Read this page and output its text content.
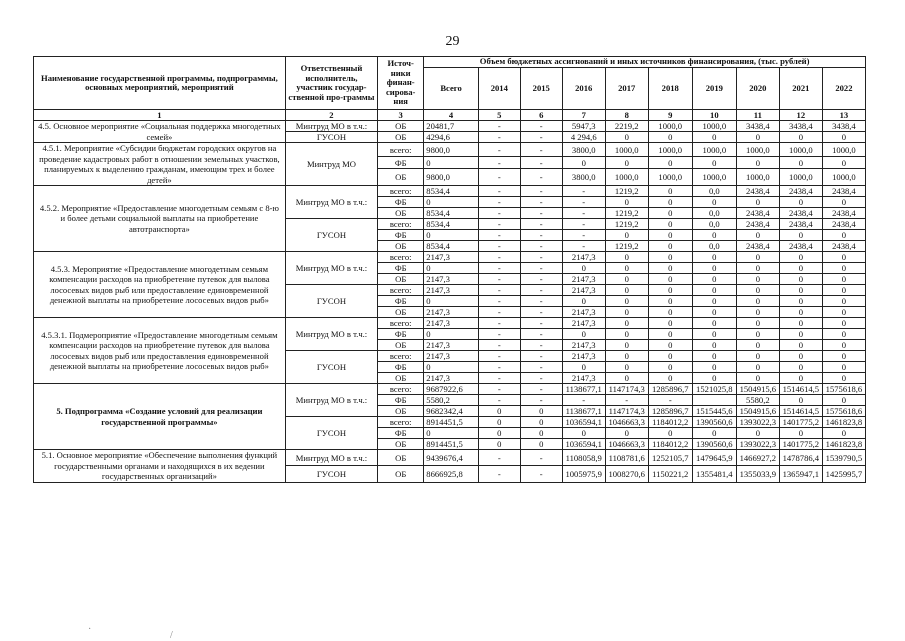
29
Наименование государственной программы, подпрограммы, основных мероприятий, мероприятий	Ответственный исполнитель, участник государ-ственной про-граммы	Источ-ники финан-сирова-ния	Объем бюджетных ассигнований и иных источников финансирования, (тыс. рублей)									
			Всего	2014	2015	2016	2017	2018	2019	2020	2021	2022
1	2	3	4	5	6	7	8	9	10	11	12	13
4.5. Основное мероприятие «Социальная поддержка многодетных семей»	Минтруд МО в т.ч.:	ОБ	20481,7	-	-	5947,3	2219,2	1000,0	1000,0	3438,4	3438,4	3438,4
	ГУСОН	ОБ	4294,6	-	-	4 294,6	0	0	0	0	0	0
4.5.1. Мероприятие «Субсидии бюджетам городских округов на проведение кадастровых работ в отношении земельных участков, планируемых к выделению гражданам, имеющим трех и более детей»	Минтруд МО	всего:	9800,0	-	-	3800,0	1000,0	1000,0	1000,0	1000,0	1000,0	1000,0
		ФБ	0	-	-	0	0	0	0	0	0	0
		ОБ	9800,0	-	-	3800,0	1000,0	1000,0	1000,0	1000,0	1000,0	1000,0
4.5.2. Мероприятие «Предоставление многодетным семьям с 8-ю и более детьми социальной выплаты на приобретение автотранспорта»	Минтруд МО в т.ч.:	всего:	8534,4	-	-	-	1219,2	0	0,0	2438,4	2438,4	2438,4
		ФБ	0	-	-	-	0	0	0	0	0	0
		ОБ	8534,4	-	-	-	1219,2	0	0,0	2438,4	2438,4	2438,4
	ГУСОН	всего:	8534,4	-	-	-	1219,2	0	0,0	2438,4	2438,4	2438,4
		ФБ	0	-	-	-	0	0	0	0	0	0
		ОБ	8534,4	-	-	-	1219,2	0	0,0	2438,4	2438,4	2438,4
4.5.3. Мероприятие «Предоставление многодетным семьям компенсации расходов на приобретение путевок для вылова лососевых видов рыб или предоставление единовременной денежной выплаты на приобретение лососевых видов рыб»	Минтруд МО в т.ч.:	всего:	2147,3	-	-	2147,3	0	0	0	0	0	0
		ФБ	0	-	-	0	0	0	0	0	0	0
		ОБ	2147,3	-	-	2147,3	0	0	0	0	0	0
	ГУСОН	всего:	2147,3	-	-	2147,3	0	0	0	0	0	0
		ФБ	0	-	-	0	0	0	0	0	0	0
		ОБ	2147,3	-	-	2147,3	0	0	0	0	0	0
4.5.3.1. Подмероприятие «Предоставление многодетным семьям компенсации расходов на приобретение путевок для вылова лососевых видов рыб или предоставления единовременной денежной выплаты на приобретение лососевых видов рыб»	Минтруд МО в т.ч.:	всего:	2147,3	-	-	2147,3	0	0	0	0	0	0
		ФБ	0	-	-	0	0	0	0	0	0	0
		ОБ	2147,3	-	-	2147,3	0	0	0	0	0	0
	ГУСОН	всего:	2147,3	-	-	2147,3	0	0	0	0	0	0
		ФБ	0	-	-	0	0	0	0	0	0	0
		ОБ	2147,3	-	-	2147,3	0	0	0	0	0	0
5. Подпрограмма «Создание условий для реализации государственной программы»	Минтруд МО в т.ч.:	всего:	9687922,6	-	-	1138677,1	1147174,3	1285896,7	1521025,8	1504915,6	1514614,5	1575618,6
		ФБ	5580,2	-	-	-	-	-		5580,2	0	0
		ОБ	9682342,4	0	0	1138677,1	1147174,3	1285896,7	1515445,6	1504915,6	1514614,5	1575618,6
	ГУСОН	всего:	8914451,5	0	0	1036594,1	1046663,3	1184012,2	1390560,6	1393022,3	1401775,2	1461823,8
		ФБ	0	0	0	0	0	0	0	0	0	0
		ОБ	8914451,5	0	0	1036594,1	1046663,3	1184012,2	1390560,6	1393022,3	1401775,2	1461823,8
5.1. Основное мероприятие «Обеспечение выполнения функций государственными органами и находящихся в их ведении государственных организаций»	Минтруд МО в т.ч.:	ОБ	9439676,4	-	-	1108058,9	1108781,6	1252105,7	1479645,9	1466927,2	1478786,4	1539790,5
	ГУСОН	ОБ	8666925,8	-	-	1005975,9	1008270,6	1150221,2	1355481,4	1355033,9	1365947,1	1425995,7
·
/
